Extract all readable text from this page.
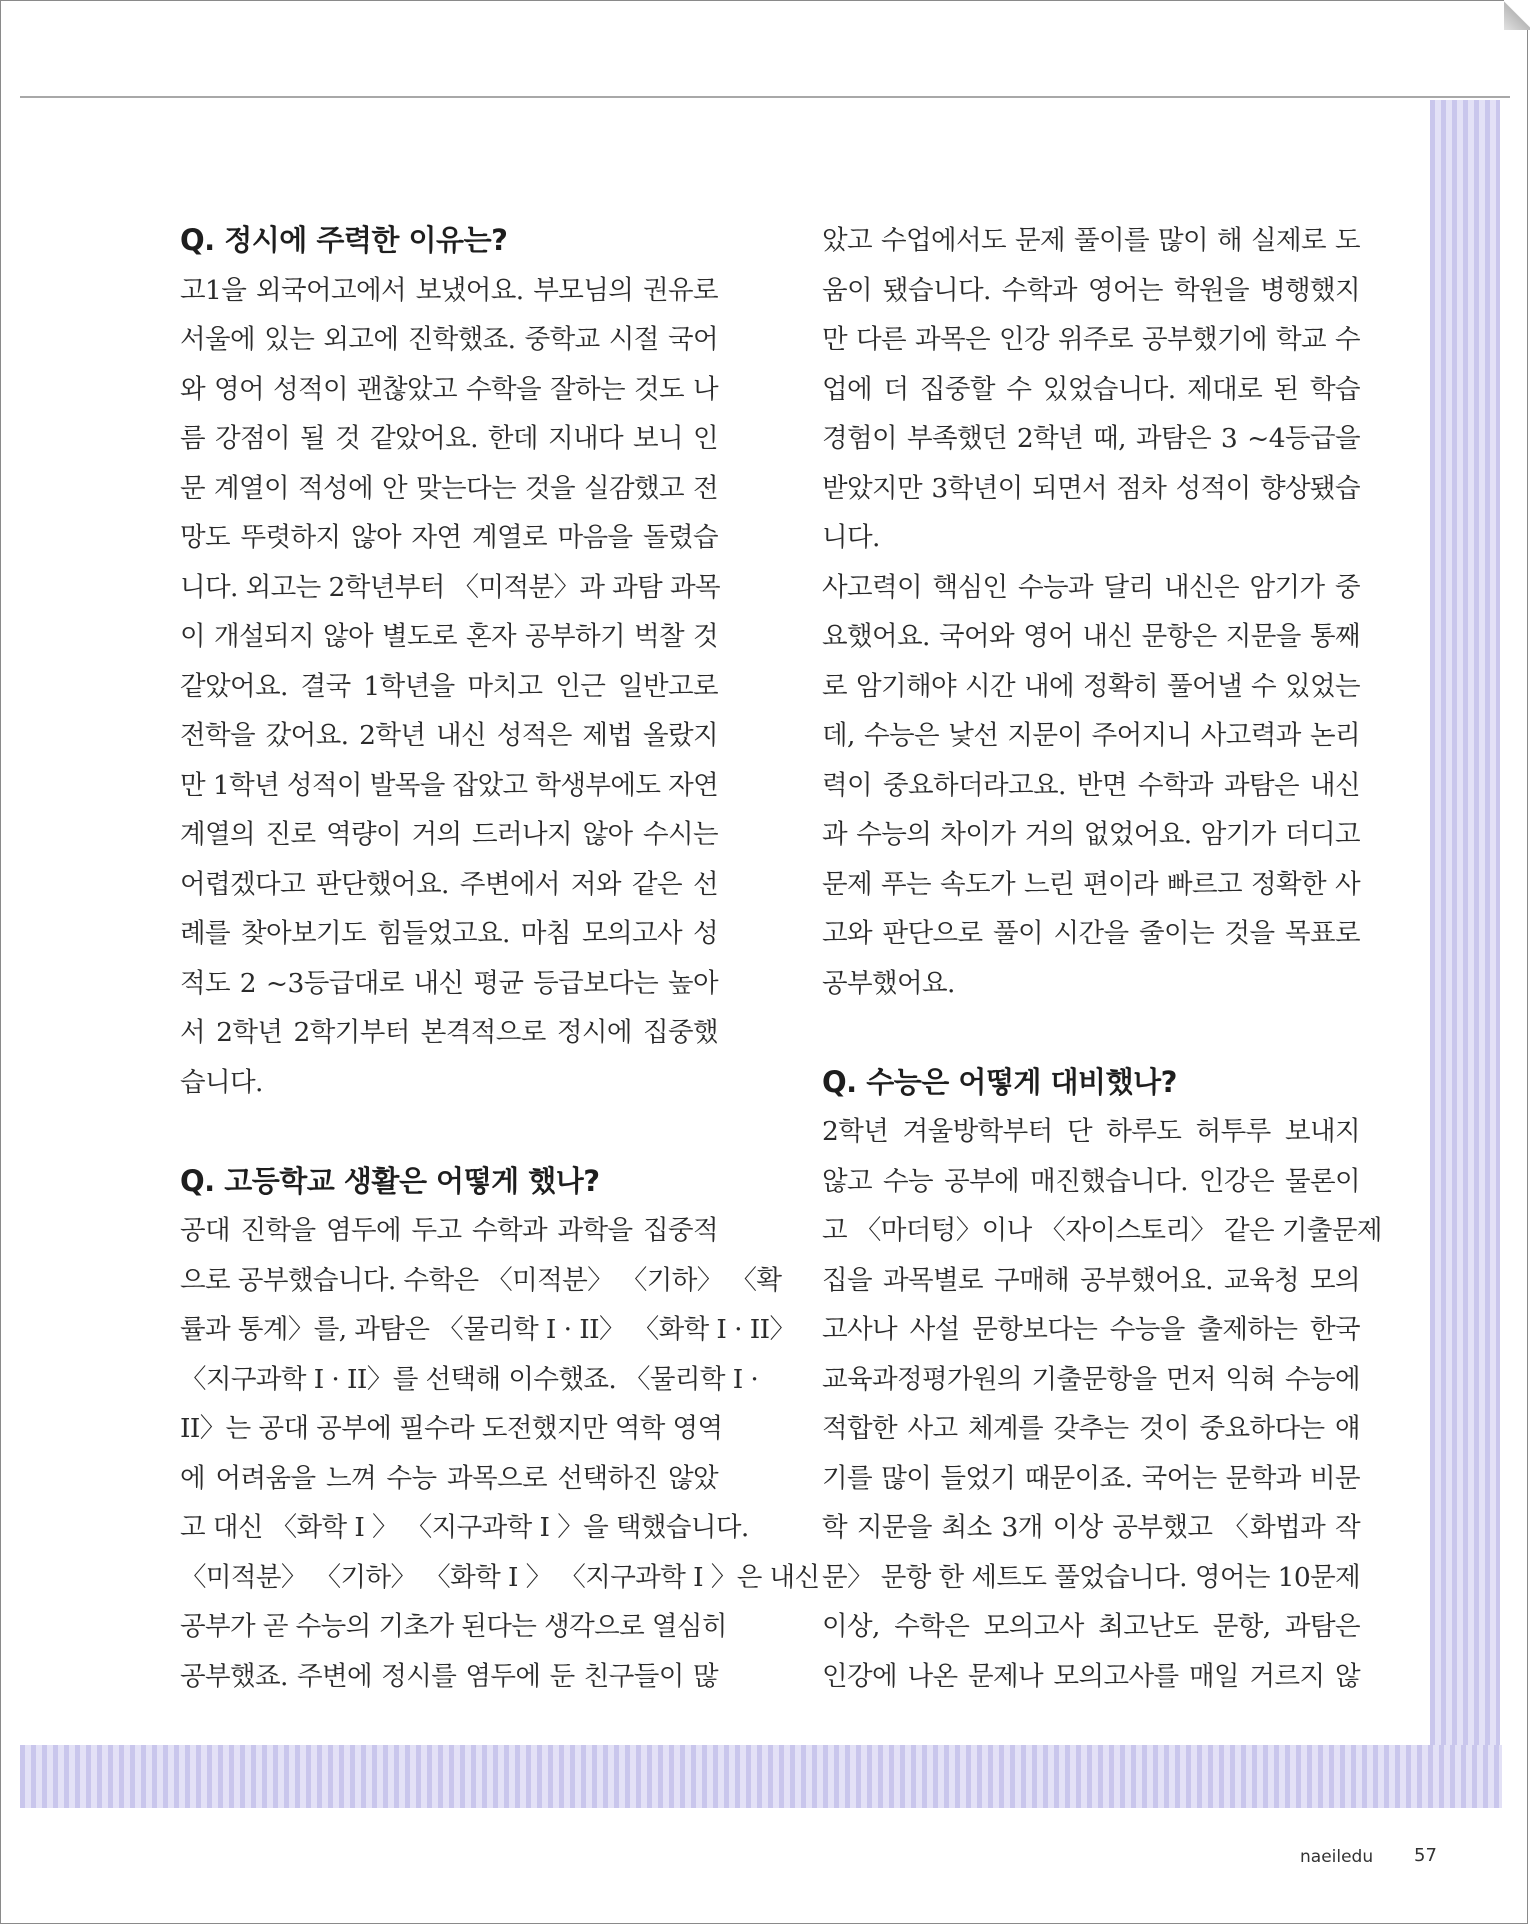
Q. 정시에 주력한 이유는?
고1을 외국어고에서 보냈어요. 부모님의 권유로
서울에 있는 외고에 진학했죠. 중학교 시절 국어
와 영어 성적이 괜찮았고 수학을 잘하는 것도 나
름 강점이 될 것 같았어요. 한데 지내다 보니 인
문 계열이 적성에 안 맞는다는 것을 실감했고 전
망도 뚜렷하지 않아 자연 계열로 마음을 돌렸습
니다. 외고는 2학년부터 〈미적분〉과 과탐 과목
이 개설되지 않아 별도로 혼자 공부하기 벅찰 것
같았어요. 결국 1학년을 마치고 인근 일반고로
전학을 갔어요. 2학년 내신 성적은 제법 올랐지
만 1학년 성적이 발목을 잡았고 학생부에도 자연
계열의 진로 역량이 거의 드러나지 않아 수시는
어렵겠다고 판단했어요. 주변에서 저와 같은 선
례를 찾아보기도 힘들었고요. 마침 모의고사 성
적도 2 ~3등급대로 내신 평균 등급보다는 높아
서 2학년 2학기부터 본격적으로 정시에 집중했
습니다.
Q. 고등학교 생활은 어떻게 했나?
공대 진학을 염두에 두고 수학과 과학을 집중적
으로 공부했습니다. 수학은 〈미적분〉 〈기하〉 〈확
률과 통계〉를, 과탐은 〈물리학 I · II〉 〈화학 I · II〉
〈지구과학 I · II〉를 선택해 이수했죠. 〈물리학 I ·
II〉는 공대 공부에 필수라 도전했지만 역학 영역
에 어려움을 느껴 수능 과목으로 선택하진 않았
고 대신 〈화학 I 〉 〈지구과학 I 〉을 택했습니다.
〈미적분〉 〈기하〉 〈화학 I 〉 〈지구과학 I 〉은 내신
공부가 곧 수능의 기초가 된다는 생각으로 열심히
공부했죠. 주변에 정시를 염두에 둔 친구들이 많
았고 수업에서도 문제 풀이를 많이 해 실제로 도
움이 됐습니다. 수학과 영어는 학원을 병행했지
만 다른 과목은 인강 위주로 공부했기에 학교 수
업에 더 집중할 수 있었습니다. 제대로 된 학습
경험이 부족했던 2학년 때, 과탐은 3 ~4등급을
받았지만 3학년이 되면서 점차 성적이 향상됐습
니다.
사고력이 핵심인 수능과 달리 내신은 암기가 중
요했어요. 국어와 영어 내신 문항은 지문을 통째
로 암기해야 시간 내에 정확히 풀어낼 수 있었는
데, 수능은 낯선 지문이 주어지니 사고력과 논리
력이 중요하더라고요. 반면 수학과 과탐은 내신
과 수능의 차이가 거의 없었어요. 암기가 더디고
문제 푸는 속도가 느린 편이라 빠르고 정확한 사
고와 판단으로 풀이 시간을 줄이는 것을 목표로
공부했어요.
Q. 수능은 어떻게 대비했나?
2학년 겨울방학부터 단 하루도 허투루 보내지
않고 수능 공부에 매진했습니다. 인강은 물론이
고 〈마더텅〉이나 〈자이스토리〉 같은 기출문제
집을 과목별로 구매해 공부했어요. 교육청 모의
고사나 사설 문항보다는 수능을 출제하는 한국
교육과정평가원의 기출문항을 먼저 익혀 수능에
적합한 사고 체계를 갖추는 것이 중요하다는 얘
기를 많이 들었기 때문이죠. 국어는 문학과 비문
학 지문을 최소 3개 이상 공부했고 〈화법과 작
문〉 문항 한 세트도 풀었습니다. 영어는 10문제
이상, 수학은 모의고사 최고난도 문항, 과탐은
인강에 나온 문제나 모의고사를 매일 거르지 않
naeiledu 57
